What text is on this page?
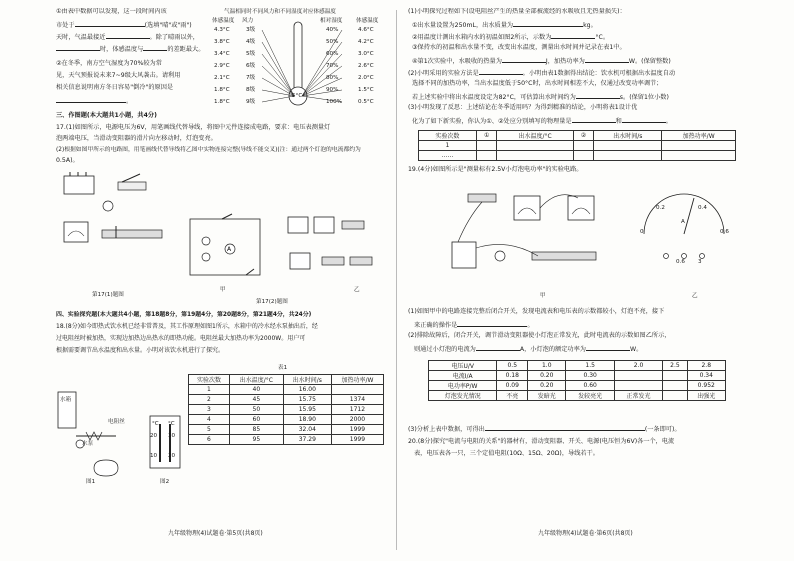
①由表中数据可以发现，这一段时间内该
市处于	(选填"晴"或"雨")
天时，气温最接近	。除了晴雨以外，
时，体感温度与	的差距最大。
②在冬季，南方空气湿度为70%较为常
见，天气预报说未来7~9级大风袭击。请利用
相关信息说明南方冬日容易"倒冷"的原因是
。
气温相同时不同风力和不同湿度对应体感温度
体感温度 风力	相对湿度 体感温度
5°C
4.3°C	3级
3.8°C	4级
3.4°C	5级
2.9°C	6级
2.1°C	7级
1.8°C	8级
1.8°C	9级
40%	4.6°C
50%	4.2°C
60%	3.0°C
70%	2.6°C
80%	2.0°C
90%	1.5°C
100%	0.5°C
三、作图题(本大题共1小题，共4分)
17.(1)如图所示，电源电压为6V，用笔画线代替导线，将图中元件连接成电路，要求：电压表测量灯
泡两端电压，当滑动变阻器的滑片向左移动时，灯泡变亮。
(2)根据如图甲所示的电路图，用笔画线代替导线将乙图中实物连接完整(导线不能交叉)(注：通过两个灯泡的电流都约为
0.5A)。
第17(1)题图
A
甲	乙
第17(2)题图
四、实验探究题(本大题共4小题，第18题8分，第19题4分，第20题8分，第21题4分，共24分)
18.(8分)如今即热式饮水机已经非常普及，其工作原理如图1所示，水箱中的冷水经水泵抽出后，经
过电阻丝时被加热，实现边加热边出热水的即热功能。电阻丝最大加热功率为2000W。用户可
根据需要调节出水温度和出水量。小明对该饮水机进行了探究。
水箱
电阻丝
水泵
图1
°C °C
20
10
30
20
图2
表1
实验次数	出水温度/°C	出水时间/s	加热功率/W
1	40	16.00	
2	45	15.75	1374
3	50	15.95	1712
4	60	18.90	2000
5	85	32.04	1999
6	95	37.29	1999
九年级物理(4)试题卷·第5页(共8页)
(1)小明探究过程如下(设电阻丝产生的热量全部被流经的水吸收且无热量损失)：
①出水量设置为250mL，出水质量为	kg。
②用温度计测出水箱内水的初温如图2所示，示数为	°C。
③保持水的初温和出水量不变，改变出水温度，测量出水时间并记录在表1中。
④第1次实验中，水吸收的热量为	J，加热功率为	W。(保留整数)
(2)小明采用的实验方法是	。小明由表1数据得出结论：饮水机可根据出水温度自动
选择不同的加热功率，当出水温度低于50°C时，出水时间相差不大，仅通过改变功率调节；
若上述实验中将出水温度设定为82°C，可估算出水时间约为	s。(保留1位小数)
(3)小明发现了反思：上述结论在冬季适用吗？为得到精准的结论，小明将表1设计优
化为了如下新实验，你认为①、②处应分别填写的物理量是	和	。
实验次数	①	出水温度/°C	②	出水时间/s	加热功率/W
1					
……					
19.(4分)如图所示是"测量标有2.5V小灯泡电功率"的实验电路。
甲
0
0.2	0.4
0.6
A
0.6 3
乙
(1)如图甲中的电路连接完整后闭合开关，发现电流表和电压表的示数都较小，灯泡不亮，接下
来正确的操作是	。
(2)排除故障后，闭合开关，调节滑动变阻器使小灯泡正常发光，此时电流表的示数如图乙所示，
则通过小灯泡的电流为	A，小灯泡的额定功率为	W。
电压U/V	0.5	1.0	1.5	2.0	2.5	2.8
电流I/A	0.18	0.20	0.30			0.34
电功率P/W	0.09	0.20	0.60			0.952
灯泡发光情况	不亮	发暗光	发较亮光	正常发光		出强光
(3)分析上表中数据，可得出	(一条即可)。
20.(8分)探究"电流与电阻的关系"的器材有，滑动变阻器、开关、电源(电压恒为6V)各一个，电流
表，电压表各一只，三个定值电阻(10Ω、15Ω、20Ω)，导线若干。
九年级物理(4)试题卷·第6页(共8页)
